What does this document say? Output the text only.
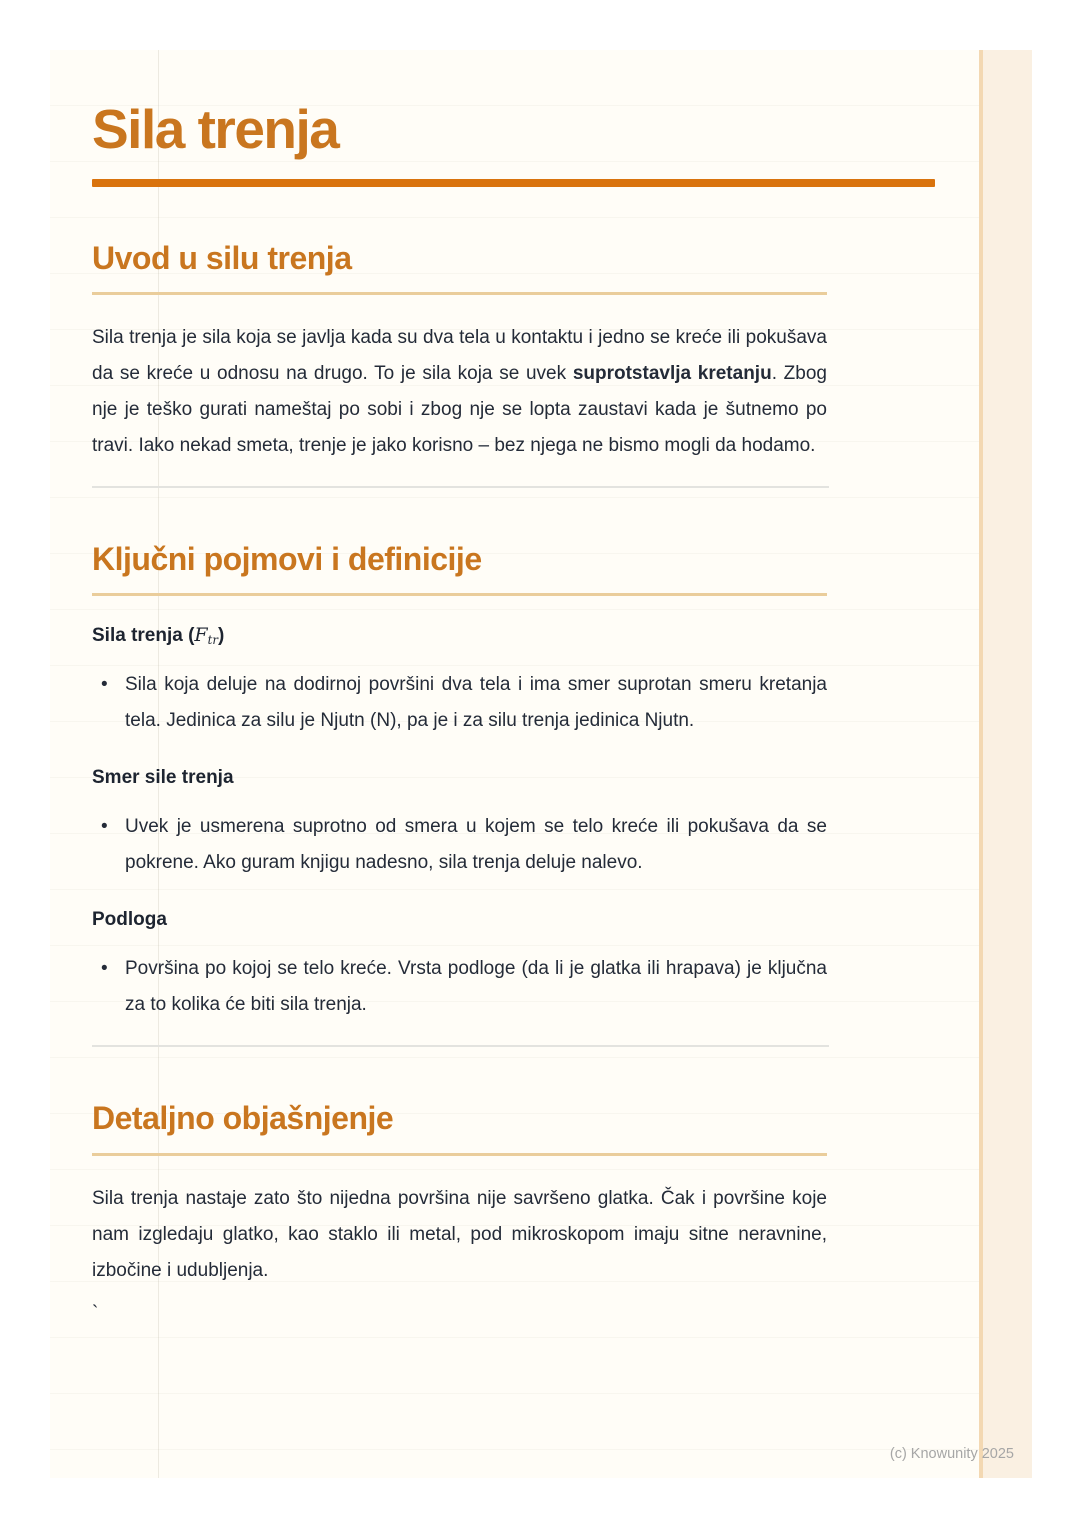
Sila trenja
Uvod u silu trenja

Sila trenja je sila koja se javlja kada su dva tela u kontaktu i jedno se kreće ili pokušava da se kreće u odnosu na drugo. To je sila koja se uvek suprotstavlja kretanju. Zbog nje je teško gurati nameštaj po sobi i zbog nje se lopta zaustavi kada je šutnemo po travi. Iako nekad smeta, trenje je jako korisno – bez njega ne bismo mogli da hodamo.

Ključni pojmovi i definicije
Sila trenja (Ftr)
• Sila koja deluje na dodirnoj površini dva tela i ima smer suprotan smeru kretanja tela. Jedinica za silu je Njutn (N), pa je i za silu trenja jedinica Njutn.
Smer sile trenja
• Uvek je usmerena suprotno od smera u kojem se telo kreće ili pokušava da se pokrene. Ako guram knjigu nadesno, sila trenja deluje nalevo.
Podloga
• Površina po kojoj se telo kreće. Vrsta podloge (da li je glatka ili hrapava) je ključna za to kolika će biti sila trenja.
Detaljno objašnjenje

Sila trenja nastaje zato što nijedna površina nije savršeno glatka. Čak i površine koje nam izgledaju glatko, kao staklo ili metal, pod mikroskopom imaju sitne neravnine, izbočine i udubljenja.

`
(c) Knowunity 2025
